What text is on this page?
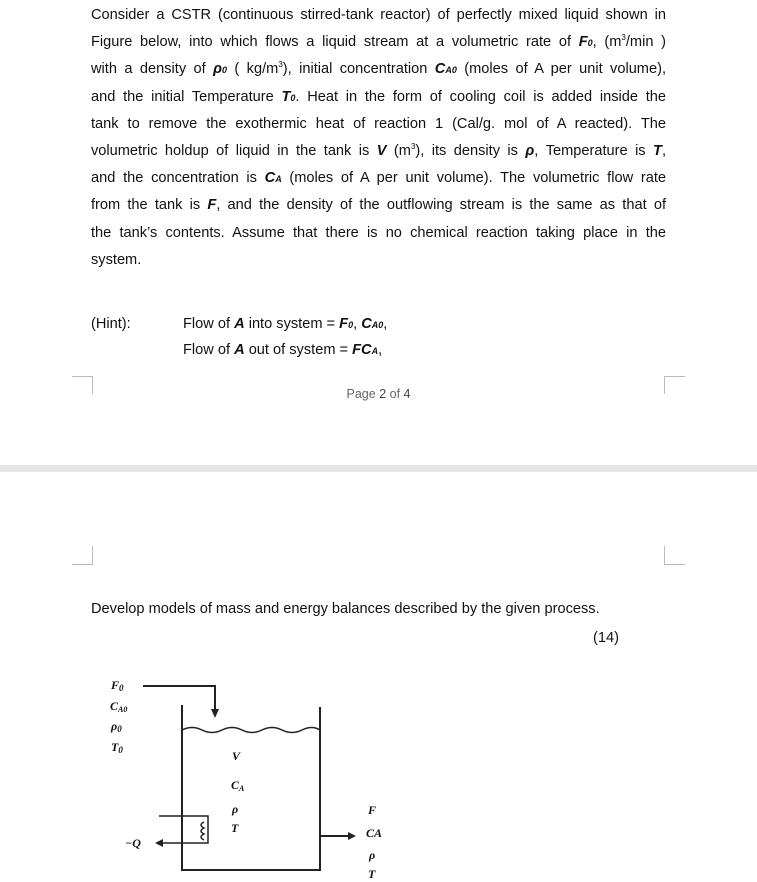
Consider a CSTR (continuous stirred-tank reactor) of perfectly mixed liquid shown in
Figure below, into which flows a liquid stream at a volumetric rate of F0, ($m^3/\min$ )
with a density of ρ0 ( $kg/m^3$), initial concentration CA0 (moles of A per unit volume),
and the initial Temperature T0. Heat in the form of cooling coil is added inside the
tank to remove the exothermic heat of reaction 1 (Cal/g. mol of A reacted). The
volumetric holdup of liquid in the tank is V $(m^3)$, its density is ρ, Temperature is T,
and the concentration is CA (moles of A per unit volume). The volumetric flow rate
from the tank is F, and the density of the outflowing stream is the same as that of
the tank’s contents. Assume that there is no chemical reaction taking place in the
system.
(Hint):	Flow of A into system = F0, CA0,
Flow of A out of system = FCA,
Page 2 of 4
Develop models of mass and energy balances described by the given process.
(14)
F0
CA0
ρ0
T0	V
CA
ρ
T
F
CA
ρ
T
−Q
